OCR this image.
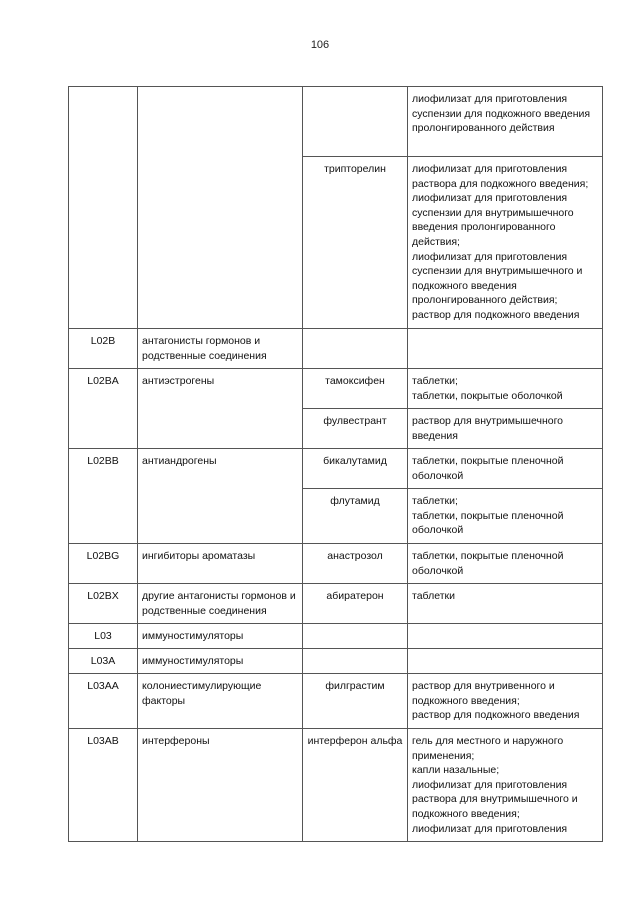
106

			лиофилизат для приготовления суспензии для подкожного введения пролонгированного действия

		трипторелин	лиофилизат для приготовления раствора для подкожного введения;
лиофилизат для приготовления суспензии для внутримышечного введения пролонгированного действия;
лиофилизат для приготовления суспензии для внутримышечного и подкожного введения пролонгированного действия;
раствор для подкожного введения

L02B	антагонисты гормонов и родственные соединения		
L02BA	антиэстрогены	тамоксифен	таблетки;
таблетки, покрытые оболочкой

		фулвестрант	раствор для внутримышечного введения

L02BB	антиандрогены	бикалутамид	таблетки, покрытые пленочной оболочкой

		флутамид	таблетки;
таблетки, покрытые пленочной оболочкой

L02BG	ингибиторы ароматазы	анастрозол	таблетки, покрытые пленочной оболочкой

L02BX	другие антагонисты гормонов и родственные соединения	абиратерон	таблетки

L03	иммуностимуляторы		
L03A	иммуностимуляторы		
L03AA	колониестимулирующие факторы	филграстим	раствор для внутривенного и подкожного введения;
раствор для подкожного введения

L03AB	интерфероны	интерферон альфа	гель для местного и наружного применения;
капли назальные;
лиофилизат для приготовления раствора для внутримышечного и подкожного введения;
лиофилизат для приготовления
